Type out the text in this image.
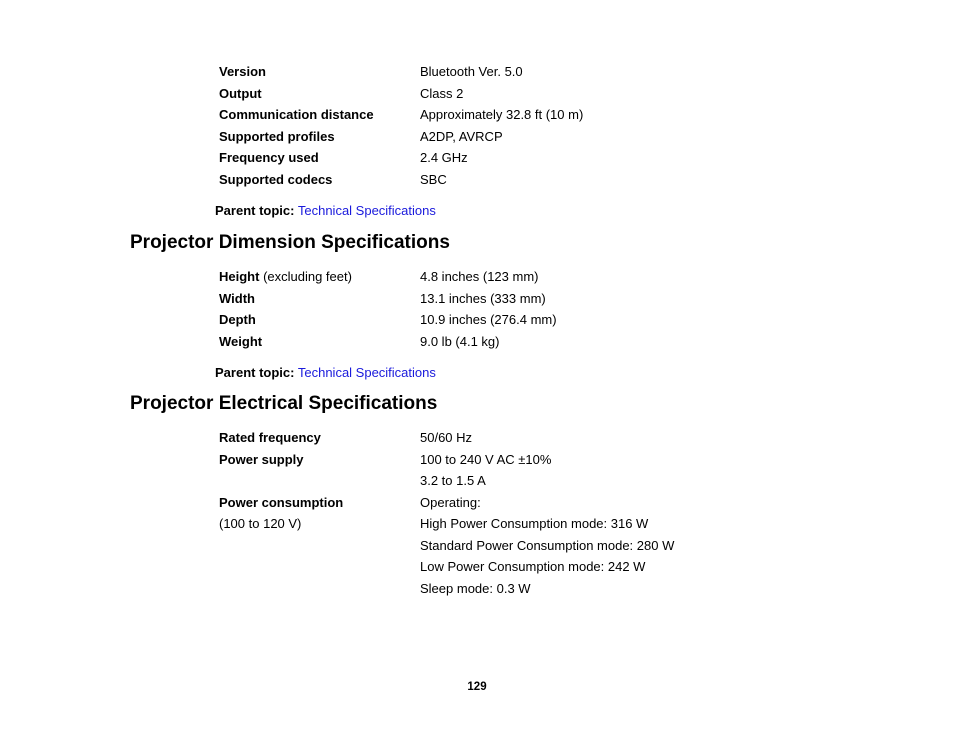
Version	Bluetooth Ver. 5.0
Output	Class 2
Communication distance	Approximately 32.8 ft (10 m)
Supported profiles	A2DP, AVRCP
Frequency used	2.4 GHz
Supported codecs	SBC
Parent topic: Technical Specifications
Projector Dimension Specifications
Height (excluding feet)	4.8 inches (123 mm)
Width	13.1 inches (333 mm)
Depth	10.9 inches (276.4 mm)
Weight	9.0 lb (4.1 kg)
Parent topic: Technical Specifications
Projector Electrical Specifications
Rated frequency	50/60 Hz
Power supply	100 to 240 V AC ±10%
3.2 to 1.5 A
Power consumption	Operating:
(100 to 120 V)	High Power Consumption mode: 316 W
Standard Power Consumption mode: 280 W
Low Power Consumption mode: 242 W
Sleep mode: 0.3 W
129
